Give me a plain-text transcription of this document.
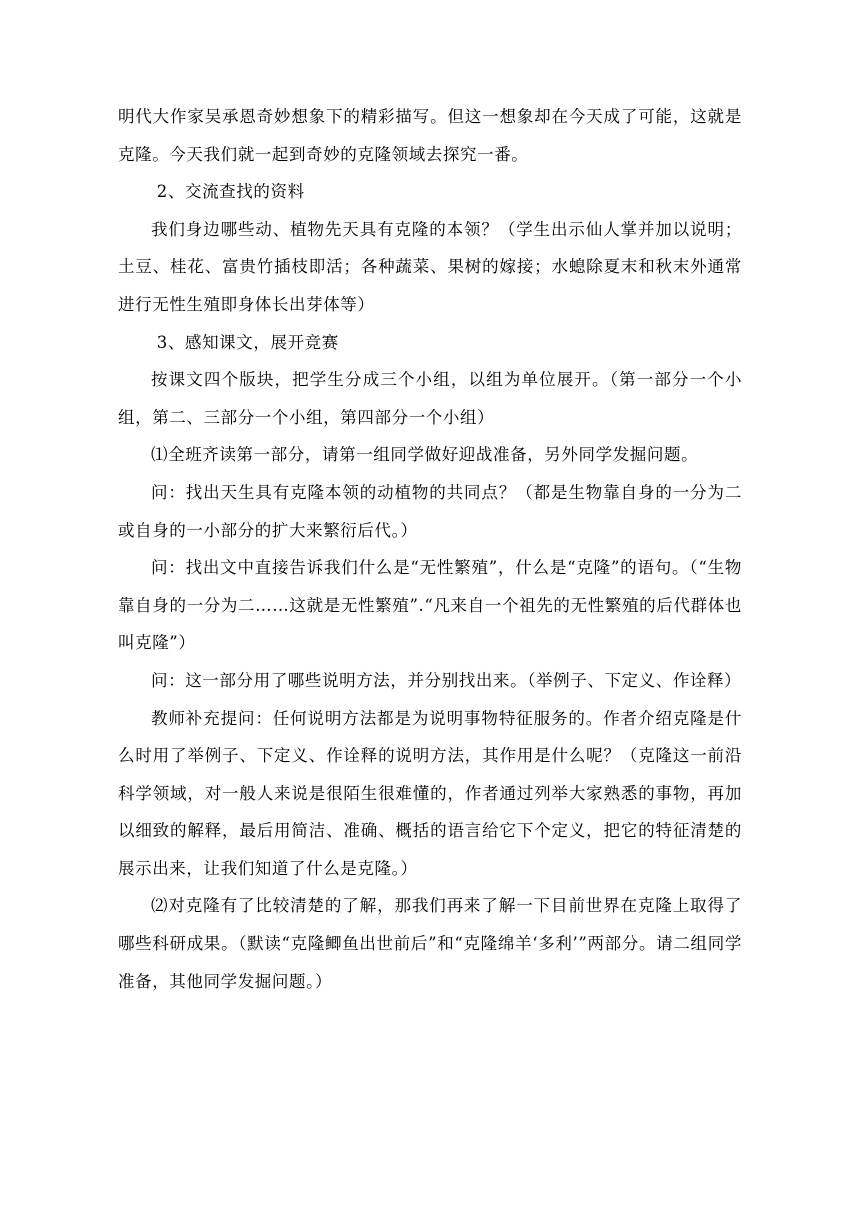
明代大作家吴承恩奇妙想象下的精彩描写。但这一想象却在今天成了可能，这就是克隆。今天我们就一起到奇妙的克隆领域去探究一番。

2、交流查找的资料

我们身边哪些动、植物先天具有克隆的本领？（学生出示仙人掌并加以说明；土豆、桂花、富贵竹插枝即活；各种蔬菜、果树的嫁接；水螅除夏末和秋末外通常进行无性生殖即身体长出芽体等）

3、感知课文，展开竞赛

按课文四个版块，把学生分成三个小组，以组为单位展开。（第一部分一个小组，第二、三部分一个小组，第四部分一个小组）

⑴全班齐读第一部分，请第一组同学做好迎战准备，另外同学发掘问题。

问：找出天生具有克隆本领的动植物的共同点？（都是生物靠自身的一分为二或自身的一小部分的扩大来繁衍后代。）

问：找出文中直接告诉我们什么是“无性繁殖”，什么是“克隆”的语句。（“生物靠自身的一分为二……这就是无性繁殖”.“凡来自一个祖先的无性繁殖的后代群体也叫克隆”）

问：这一部分用了哪些说明方法，并分别找出来。（举例子、下定义、作诠释）

教师补充提问：任何说明方法都是为说明事物特征服务的。作者介绍克隆是什么时用了举例子、下定义、作诠释的说明方法，其作用是什么呢？（克隆这一前沿科学领域，对一般人来说是很陌生很难懂的，作者通过列举大家熟悉的事物，再加以细致的解释，最后用简洁、准确、概括的语言给它下个定义，把它的特征清楚的展示出来，让我们知道了什么是克隆。）

⑵对克隆有了比较清楚的了解，那我们再来了解一下目前世界在克隆上取得了哪些科研成果。（默读“克隆鲫鱼出世前后”和“克隆绵羊‘多利’”两部分。请二组同学准备，其他同学发掘问题。）
